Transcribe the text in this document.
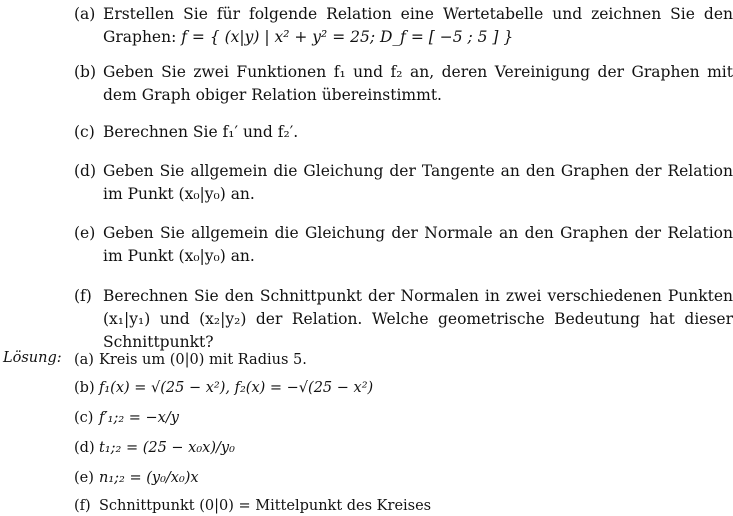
(a) Erstellen Sie für folgende Relation eine Wertetabelle und zeichnen Sie den Graphen: f = { (x|y) | x² + y² = 25; D_f = [ −5 ; 5 ] }
(b) Geben Sie zwei Funktionen f₁ und f₂ an, deren Vereinigung der Graphen mit dem Graph obiger Relation übereinstimmt.
(c) Berechnen Sie f₁′ und f₂′.
(d) Geben Sie allgemein die Gleichung der Tangente an den Graphen der Relation im Punkt (x₀|y₀) an.
(e) Geben Sie allgemein die Gleichung der Normale an den Graphen der Relation im Punkt (x₀|y₀) an.
(f) Berechnen Sie den Schnittpunkt der Normalen in zwei verschiedenen Punkten (x₁|y₁) und (x₂|y₂) der Relation. Welche geometrische Bedeutung hat dieser Schnittpunkt?
Lösung: (a) Kreis um (0|0) mit Radius 5.
(b) f₁(x) = √(25 − x²), f₂(x) = −√(25 − x²)
(c) f′₁;₂ = −x/y
(d) t₁;₂ = (25 − x₀x)/y₀
(e) n₁;₂ = (y₀/x₀)x
(f) Schnittpunkt (0|0) = Mittelpunkt des Kreises
